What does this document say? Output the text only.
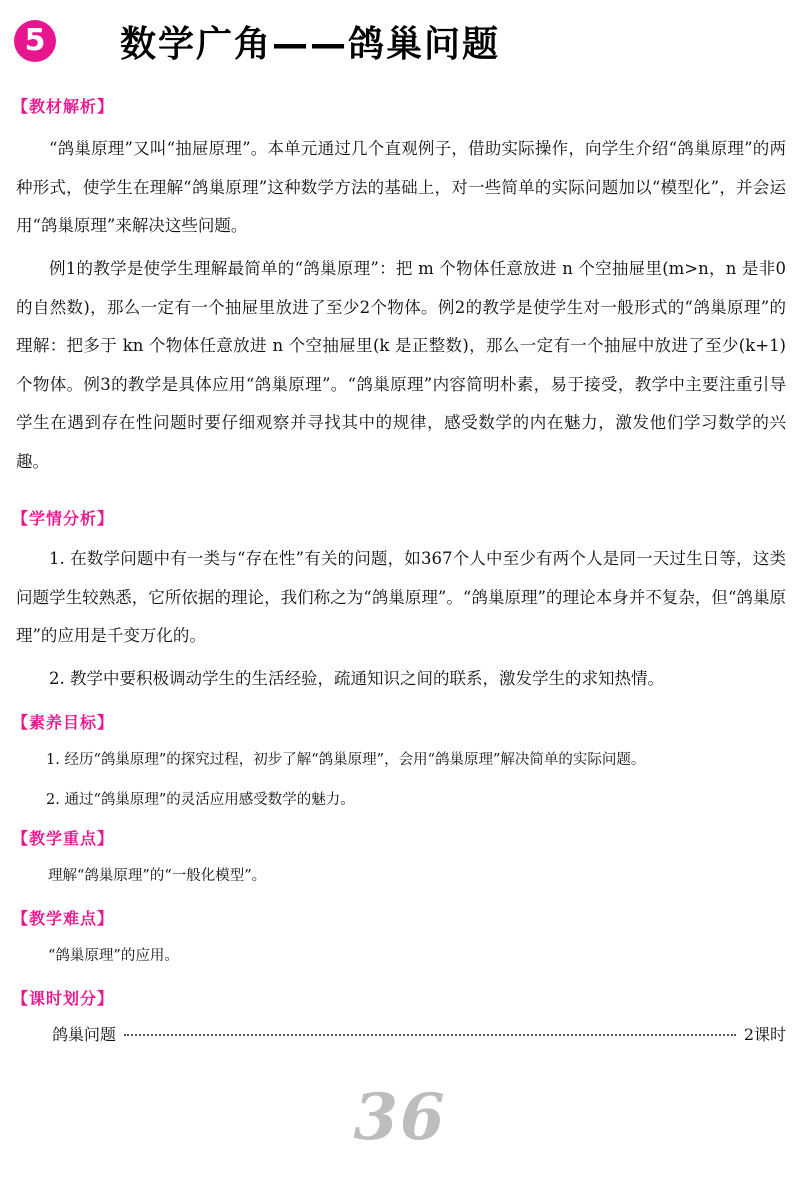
5 数学广角——鸽巢问题
【教材解析】

“鸽巢原理”又叫“抽屉原理”。本单元通过几个直观例子，借助实际操作，向学生介绍“鸽巢原理”的两种形式，使学生在理解“鸽巢原理”这种数学方法的基础上，对一些简单的实际问题加以“模型化”，并会运用“鸽巢原理”来解决这些问题。

例1的教学是使学生理解最简单的“鸽巢原理”：把 m 个物体任意放进 n 个空抽屉里(m>n，n 是非0的自然数)，那么一定有一个抽屉里放进了至少2个物体。例2的教学是使学生对一般形式的“鸽巢原理”的理解：把多于 kn 个物体任意放进 n 个空抽屉里(k 是正整数)，那么一定有一个抽屉中放进了至少(k+1)个物体。例3的教学是具体应用“鸽巢原理”。“鸽巢原理”内容简明朴素，易于接受，教学中主要注重引导学生在遇到存在性问题时要仔细观察并寻找其中的规律，感受数学的内在魅力，激发他们学习数学的兴趣。

【学情分析】

1. 在数学问题中有一类与“存在性”有关的问题，如367个人中至少有两个人是同一天过生日等，这类问题学生较熟悉，它所依据的理论，我们称之为“鸽巢原理”。“鸽巢原理”的理论本身并不复杂，但“鸽巢原理”的应用是千变万化的。

2. 教学中要积极调动学生的生活经验，疏通知识之间的联系，激发学生的求知热情。

【素养目标】
1. 经历“鸽巢原理”的探究过程，初步了解“鸽巢原理”，会用“鸽巢原理”解决简单的实际问题。
2. 通过“鸽巢原理”的灵活应用感受数学的魅力。
【教学重点】
理解“鸽巢原理”的“一般化模型”。
【教学难点】
“鸽巢原理”的应用。
【课时划分】
鸽巢问题	2课时
36
